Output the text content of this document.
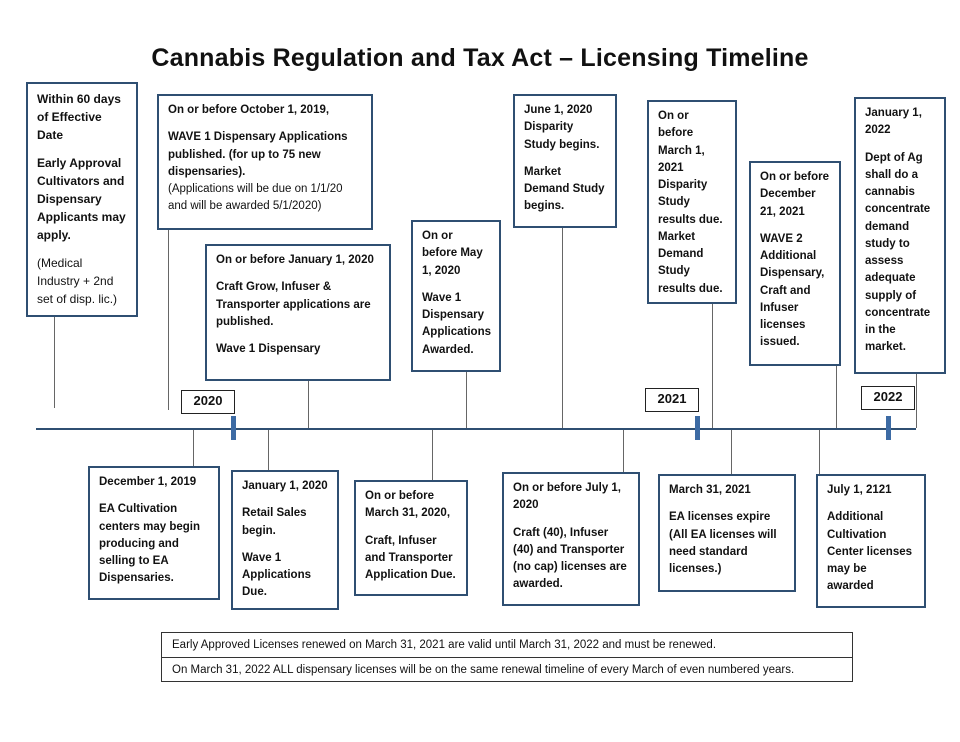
Cannabis Regulation and Tax Act – Licensing Timeline
2020	2021	2022

Within 60 days of Effective Date

Early Approval Cultivators and Dispensary Applicants may apply.

(Medical Industry + 2nd set of disp. lic.)

On or before October 1, 2019,

WAVE 1 Dispensary Applications published. (for up to 75 new dispensaries).

(Applications will be due on 1/1/20 and will be awarded 5/1/2020)

On or before January 1, 2020

Craft Grow, Infuser & Transporter applications are published.

Wave 1 Dispensary

On or before May 1, 2020

Wave 1 Dispensary Applications Awarded.

June 1, 2020 Disparity Study begins.

Market Demand Study begins.

On or before March 1, 2021 Disparity Study results due. Market Demand Study results due.

On or before December 21, 2021

WAVE 2 Additional Dispensary, Craft and Infuser licenses issued.

January 1, 2022

Dept of Ag shall do a cannabis concentrate demand study to assess adequate supply of concentrate in the market.

December 1, 2019

EA Cultivation centers may begin producing and selling to EA Dispensaries.

January 1, 2020

Retail Sales begin.

Wave 1 Applications Due.

On or before March 31, 2020,

Craft, Infuser and Transporter Application Due.

On or before July 1, 2020

Craft (40), Infuser (40) and Transporter (no cap) licenses are awarded.

March 31, 2021

EA licenses expire (All EA licenses will need standard licenses.)

July 1, 2121

Additional Cultivation Center licenses may be awarded

Early Approved Licenses renewed on March 31, 2021 are valid until March 31, 2022 and must be renewed.
On March 31, 2022 ALL dispensary licenses will be on the same renewal timeline of every March of even numbered years.
